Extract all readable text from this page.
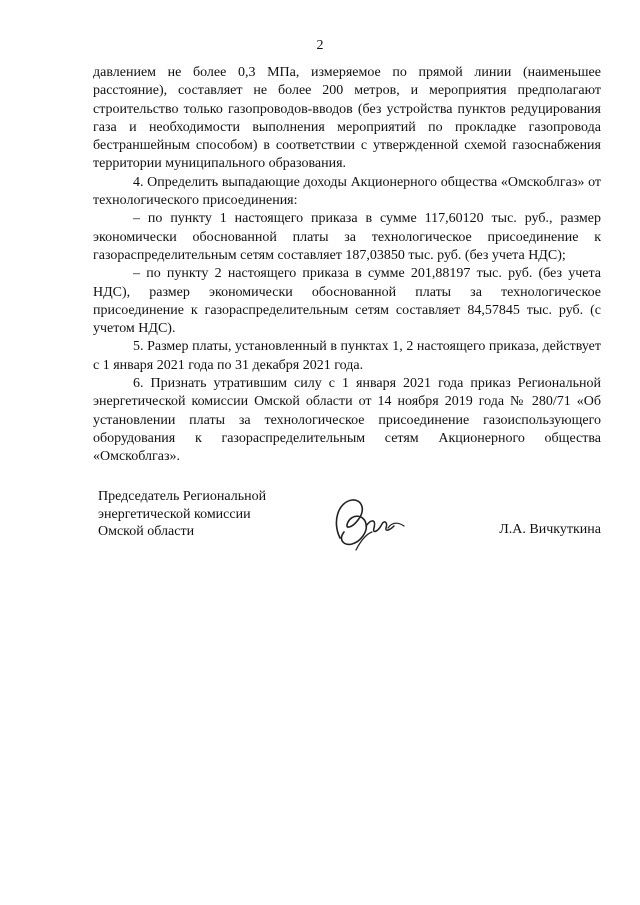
2

давлением не более 0,3 МПа, измеряемое по прямой линии (наименьшее расстояние), составляет не более 200 метров, и мероприятия предполагают строительство только газопроводов-вводов (без устройства пунктов редуцирования газа и необходимости выполнения мероприятий по прокладке газопровода бестраншейным способом) в соответствии с утвержденной схемой газоснабжения территории муниципального образования.

4. Определить выпадающие доходы Акционерного общества «Омскоблгаз» от технологического присоединения:

– по пункту 1 настоящего приказа в сумме 117,60120 тыс. руб., размер экономически обоснованной платы за технологическое присоединение к газораспределительным сетям составляет 187,03850 тыс. руб. (без учета НДС);

– по пункту 2 настоящего приказа в сумме 201,88197 тыс. руб. (без учета НДС), размер экономически обоснованной платы за технологическое присоединение к газораспределительным сетям составляет 84,57845 тыс. руб. (с учетом НДС).

5. Размер платы, установленный в пунктах 1, 2 настоящего приказа, действует с 1 января 2021 года по 31 декабря 2021 года.

6. Признать утратившим силу с 1 января 2021 года приказ Региональной энергетической комиссии Омской области от 14 ноября 2019 года № 280/71 «Об установлении платы за технологическое присоединение газоиспользующего оборудования к газораспределительным сетям Акционерного общества «Омскоблгаз».

Председатель Региональной
энергетической комиссии
Омской области	Л.А. Вичкуткина
